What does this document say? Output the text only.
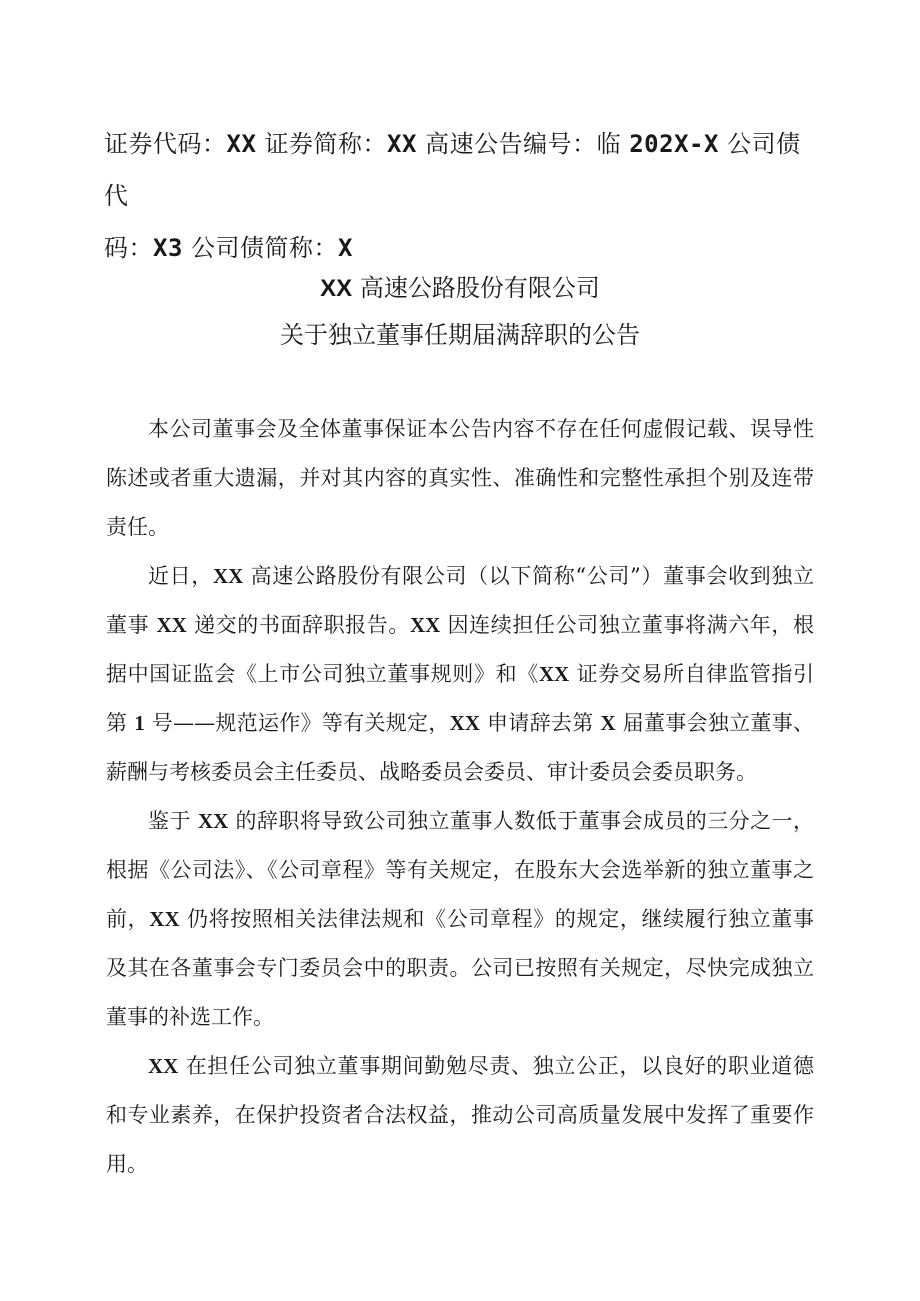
证券代码：XX 证券简称：XX 高速公告编号：临 202X-X 公司债代
码：X3 公司债简称：X
XX 高速公路股份有限公司
关于独立董事任期届满辞职的公告

本公司董事会及全体董事保证本公告内容不存在任何虚假记载、误导性陈述或者重大遗漏，并对其内容的真实性、准确性和完整性承担个别及连带责任。

近日，XX 高速公路股份有限公司（以下简称“公司”）董事会收到独立董事 XX 递交的书面辞职报告。XX 因连续担任公司独立董事将满六年，根据中国证监会《上市公司独立董事规则》和《XX 证券交易所自律监管指引第 1 号——规范运作》等有关规定，XX 申请辞去第 X 届董事会独立董事、薪酬与考核委员会主任委员、战略委员会委员、审计委员会委员职务。

鉴于 XX 的辞职将导致公司独立董事人数低于董事会成员的三分之一，根据《公司法》、《公司章程》等有关规定，在股东大会选举新的独立董事之前，XX 仍将按照相关法律法规和《公司章程》的规定，继续履行独立董事及其在各董事会专门委员会中的职责。公司已按照有关规定，尽快完成独立董事的补选工作。

XX 在担任公司独立董事期间勤勉尽责、独立公正，以良好的职业道德和专业素养，在保护投资者合法权益，推动公司高质量发展中发挥了重要作用。
